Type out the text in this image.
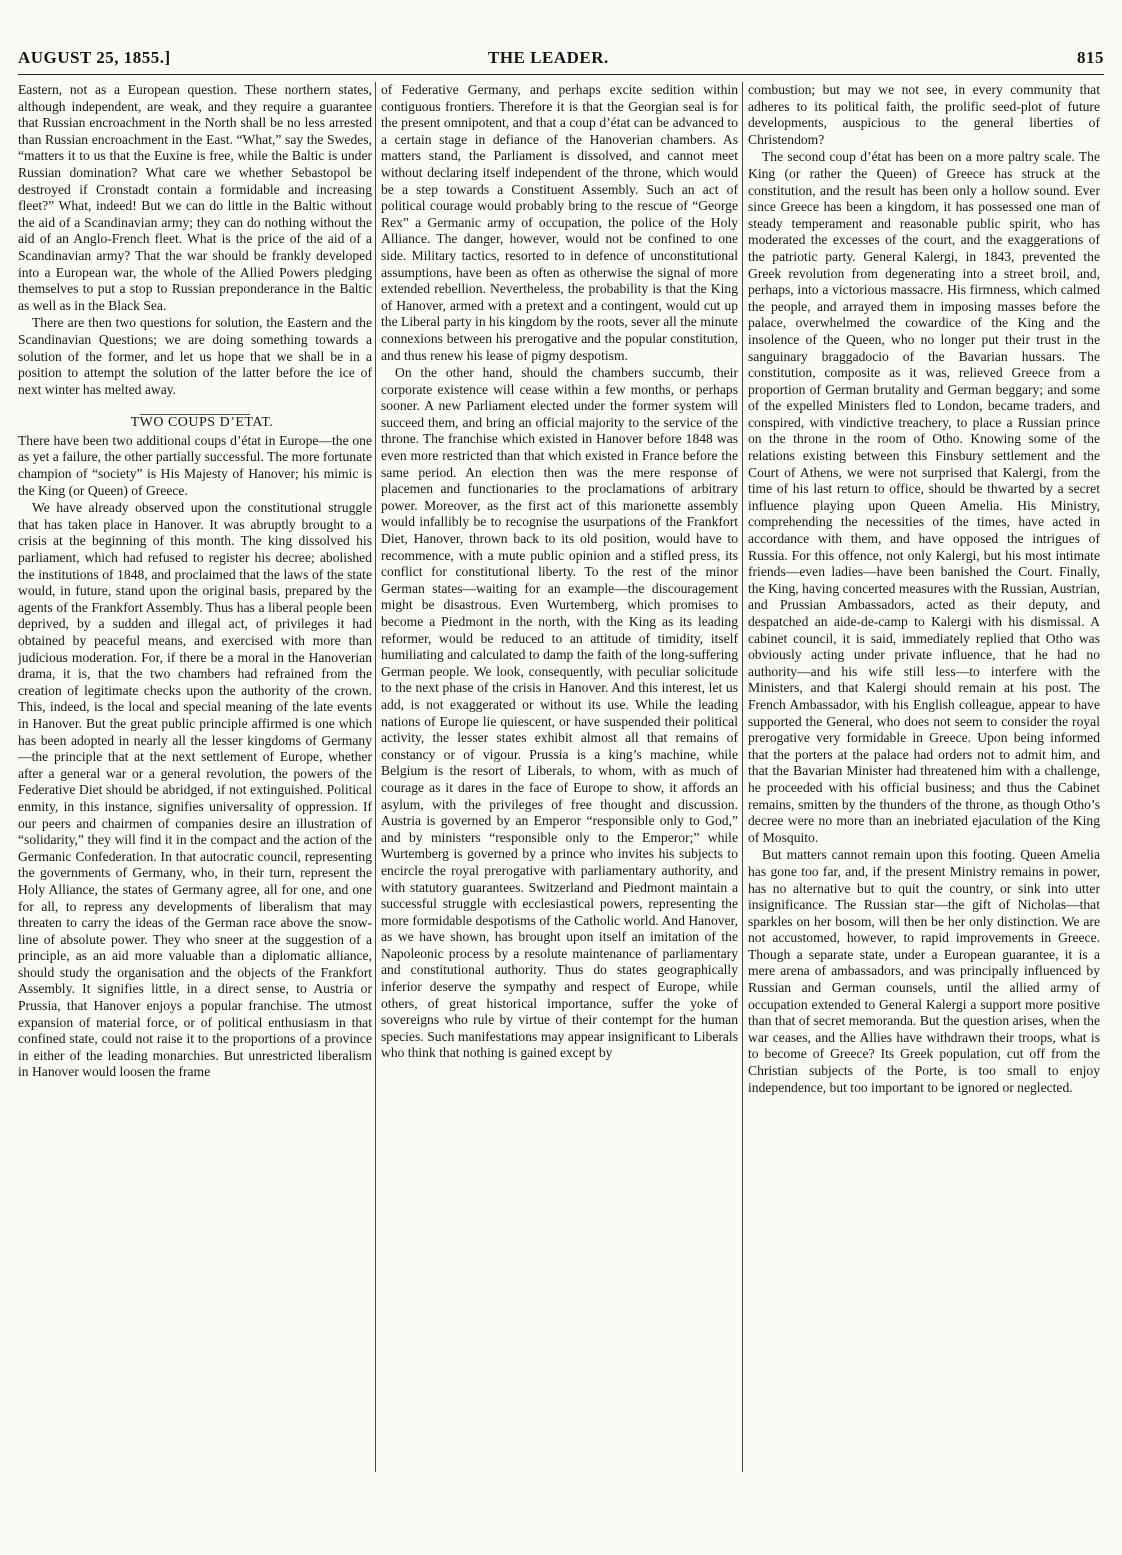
AUGUST 25, 1855.]	THE LEADER.	815

Eastern, not as a European question. These northern states, although independent, are weak, and they require a guarantee that Russian encroachment in the North shall be no less arrested than Russian encroachment in the East. “What,” say the Swedes, “matters it to us that the Euxine is free, while the Baltic is under Russian domination? What care we whether Sebastopol be destroyed if Cronstadt contain a formidable and increasing fleet?” What, indeed! But we can do little in the Baltic without the aid of a Scandinavian army; they can do nothing without the aid of an Anglo-French fleet. What is the price of the aid of a Scandinavian army? That the war should be frankly developed into a European war, the whole of the Allied Powers pledging themselves to put a stop to Russian preponderance in the Baltic as well as in the Black Sea.

There are then two questions for solution, the Eastern and the Scandinavian Questions; we are doing something towards a solution of the former, and let us hope that we shall be in a position to attempt the solution of the latter before the ice of next winter has melted away.

TWO COUPS D’ETAT.

There have been two additional coups d’état in Europe—the one as yet a failure, the other partially successful. The more fortunate champion of “society” is His Majesty of Hanover; his mimic is the King (or Queen) of Greece.

We have already observed upon the constitutional struggle that has taken place in Hanover. It was abruptly brought to a crisis at the beginning of this month. The king dissolved his parliament, which had refused to register his decree; abolished the institutions of 1848, and proclaimed that the laws of the state would, in future, stand upon the original basis, prepared by the agents of the Frankfort Assembly. Thus has a liberal people been deprived, by a sudden and illegal act, of privileges it had obtained by peaceful means, and exercised with more than judicious moderation. For, if there be a moral in the Hanoverian drama, it is, that the two chambers had refrained from the creation of legitimate checks upon the authority of the crown. This, indeed, is the local and special meaning of the late events in Hanover. But the great public principle affirmed is one which has been adopted in nearly all the lesser kingdoms of Germany—the principle that at the next settlement of Europe, whether after a general war or a general revolution, the powers of the Federative Diet should be abridged, if not extinguished. Political enmity, in this instance, signifies universality of oppression. If our peers and chairmen of companies desire an illustration of “solidarity,” they will find it in the compact and the action of the Germanic Confederation. In that autocratic council, representing the governments of Germany, who, in their turn, represent the Holy Alliance, the states of Germany agree, all for one, and one for all, to repress any developments of liberalism that may threaten to carry the ideas of the German race above the snow-line of absolute power. They who sneer at the suggestion of a principle, as an aid more valuable than a diplomatic alliance, should study the organisation and the objects of the Frankfort Assembly. It signifies little, in a direct sense, to Austria or Prussia, that Hanover enjoys a popular franchise. The utmost expansion of material force, or of political enthusiasm in that confined state, could not raise it to the proportions of a province in either of the leading monarchies. But unrestricted liberalism in Hanover would loosen the frame

of Federative Germany, and perhaps excite sedition within contiguous frontiers. Therefore it is that the Georgian seal is for the present omnipotent, and that a coup d’état can be advanced to a certain stage in defiance of the Hanoverian chambers. As matters stand, the Parliament is dissolved, and cannot meet without declaring itself independent of the throne, which would be a step towards a Constituent Assembly. Such an act of political courage would probably bring to the rescue of “George Rex” a Germanic army of occupation, the police of the Holy Alliance. The danger, however, would not be confined to one side. Military tactics, resorted to in defence of unconstitutional assumptions, have been as often as otherwise the signal of more extended rebellion. Nevertheless, the probability is that the King of Hanover, armed with a pretext and a contingent, would cut up the Liberal party in his kingdom by the roots, sever all the minute connexions between his prerogative and the popular constitution, and thus renew his lease of pigmy despotism.

On the other hand, should the chambers succumb, their corporate existence will cease within a few months, or perhaps sooner. A new Parliament elected under the former system will succeed them, and bring an official majority to the service of the throne. The franchise which existed in Hanover before 1848 was even more restricted than that which existed in France before the same period. An election then was the mere response of placemen and functionaries to the proclamations of arbitrary power. Moreover, as the first act of this marionette assembly would infallibly be to recognise the usurpations of the Frankfort Diet, Hanover, thrown back to its old position, would have to recommence, with a mute public opinion and a stifled press, its conflict for constitutional liberty. To the rest of the minor German states—waiting for an example—the discouragement might be disastrous. Even Wurtemberg, which promises to become a Piedmont in the north, with the King as its leading reformer, would be reduced to an attitude of timidity, itself humiliating and calculated to damp the faith of the long-suffering German people. We look, consequently, with peculiar solicitude to the next phase of the crisis in Hanover. And this interest, let us add, is not exaggerated or without its use. While the leading nations of Europe lie quiescent, or have suspended their political activity, the lesser states exhibit almost all that remains of constancy or of vigour. Prussia is a king’s machine, while Belgium is the resort of Liberals, to whom, with as much of courage as it dares in the face of Europe to show, it affords an asylum, with the privileges of free thought and discussion. Austria is governed by an Emperor “responsible only to God,” and by ministers “responsible only to the Emperor;” while Wurtemberg is governed by a prince who invites his subjects to encircle the royal prerogative with parliamentary authority, and with statutory guarantees. Switzerland and Piedmont maintain a successful struggle with ecclesiastical powers, representing the more formidable despotisms of the Catholic world. And Hanover, as we have shown, has brought upon itself an imitation of the Napoleonic process by a resolute maintenance of parliamentary and constitutional authority. Thus do states geographically inferior deserve the sympathy and respect of Europe, while others, of great historical importance, suffer the yoke of sovereigns who rule by virtue of their contempt for the human species. Such manifestations may appear insignificant to Liberals who think that nothing is gained except by

combustion; but may we not see, in every community that adheres to its political faith, the prolific seed-plot of future developments, auspicious to the general liberties of Christendom?

The second coup d’état has been on a more paltry scale. The King (or rather the Queen) of Greece has struck at the constitution, and the result has been only a hollow sound. Ever since Greece has been a kingdom, it has possessed one man of steady temperament and reasonable public spirit, who has moderated the excesses of the court, and the exaggerations of the patriotic party. General Kalergi, in 1843, prevented the Greek revolution from degenerating into a street broil, and, perhaps, into a victorious massacre. His firmness, which calmed the people, and arrayed them in imposing masses before the palace, overwhelmed the cowardice of the King and the insolence of the Queen, who no longer put their trust in the sanguinary braggadocio of the Bavarian hussars. The constitution, composite as it was, relieved Greece from a proportion of German brutality and German beggary; and some of the expelled Ministers fled to London, became traders, and conspired, with vindictive treachery, to place a Russian prince on the throne in the room of Otho. Knowing some of the relations existing between this Finsbury settlement and the Court of Athens, we were not surprised that Kalergi, from the time of his last return to office, should be thwarted by a secret influence playing upon Queen Amelia. His Ministry, comprehending the necessities of the times, have acted in accordance with them, and have opposed the intrigues of Russia. For this offence, not only Kalergi, but his most intimate friends—even ladies—have been banished the Court. Finally, the King, having concerted measures with the Russian, Austrian, and Prussian Ambassadors, acted as their deputy, and despatched an aide-de-camp to Kalergi with his dismissal. A cabinet council, it is said, immediately replied that Otho was obviously acting under private influence, that he had no authority—and his wife still less—to interfere with the Ministers, and that Kalergi should remain at his post. The French Ambassador, with his English colleague, appear to have supported the General, who does not seem to consider the royal prerogative very formidable in Greece. Upon being informed that the porters at the palace had orders not to admit him, and that the Bavarian Minister had threatened him with a challenge, he proceeded with his official business; and thus the Cabinet remains, smitten by the thunders of the throne, as though Otho’s decree were no more than an inebriated ejaculation of the King of Mosquito.

But matters cannot remain upon this footing. Queen Amelia has gone too far, and, if the present Ministry remains in power, has no alternative but to quit the country, or sink into utter insignificance. The Russian star—the gift of Nicholas—that sparkles on her bosom, will then be her only distinction. We are not accustomed, however, to rapid improvements in Greece. Though a separate state, under a European guarantee, it is a mere arena of ambassadors, and was principally influenced by Russian and German counsels, until the allied army of occupation extended to General Kalergi a support more positive than that of secret memoranda. But the question arises, when the war ceases, and the Allies have withdrawn their troops, what is to become of Greece? Its Greek population, cut off from the Christian subjects of the Porte, is too small to enjoy independence, but too important to be ignored or neglected.
